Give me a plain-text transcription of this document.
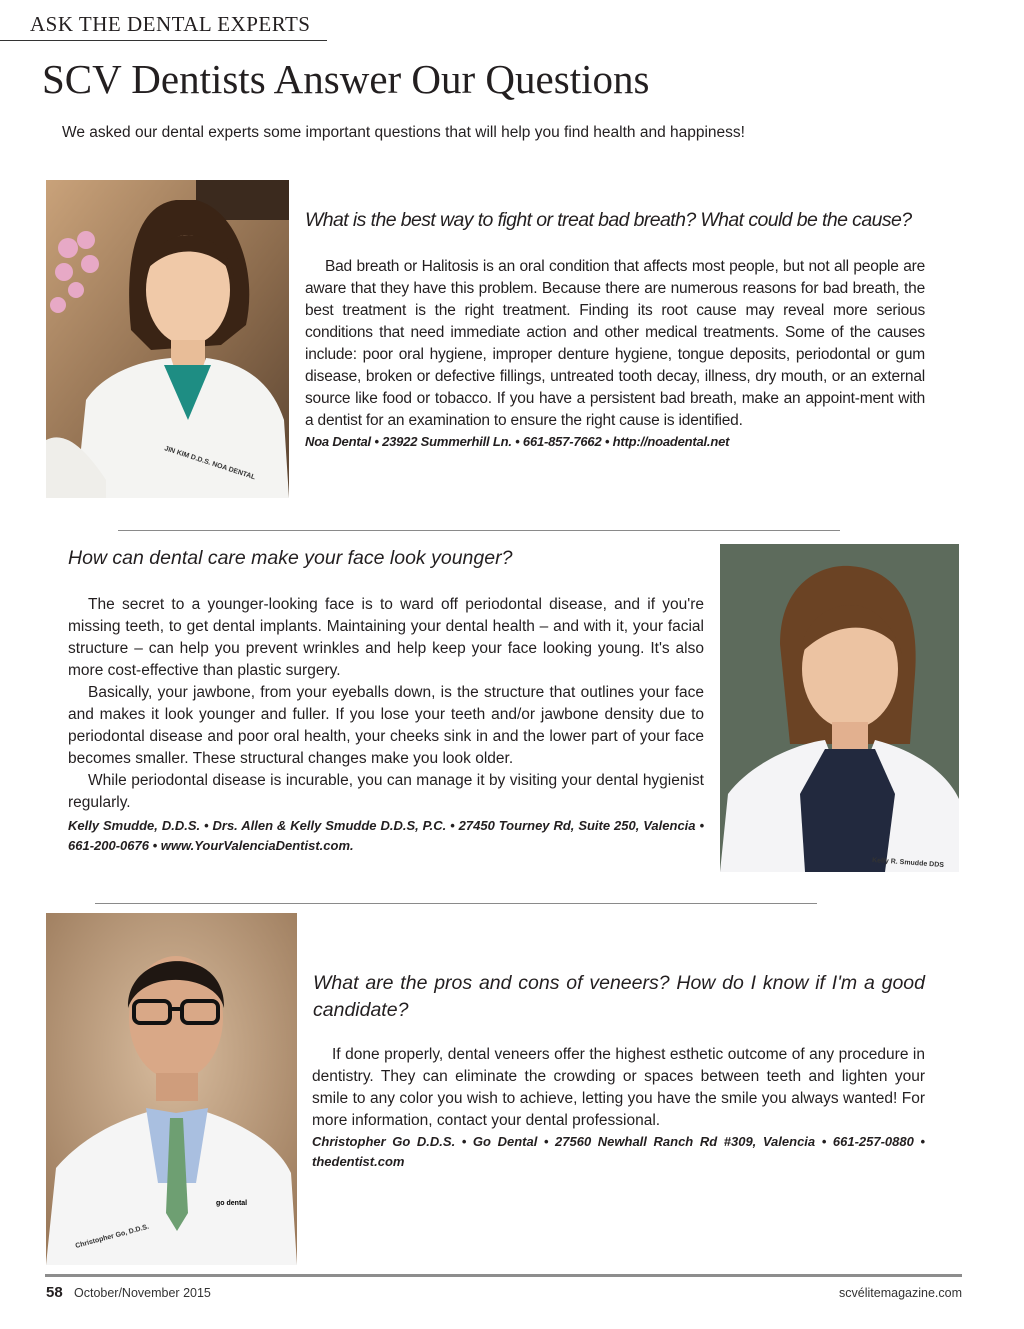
ASK THE DENTAL EXPERTS
SCV Dentists Answer Our Questions
We asked our dental experts some important questions that will help you find health and happiness!
JIN KIM D.D.S. NOA DENTAL
What is the best way to fight or treat bad breath? What could be the cause?

Bad breath or Halitosis is an oral condition that affects most people, but not all people are aware that they have this problem. Because there are numerous reasons for bad breath, the best treatment is the right treatment. Finding its root cause may reveal more serious conditions that need immediate action and other medical treatments. Some of the causes include: poor oral hygiene, improper denture hygiene, tongue deposits, periodontal or gum disease, broken or defective fillings, untreated tooth decay, illness, dry mouth, or an external source like food or tobacco. If you have a persistent bad breath, make an appoint-ment with a dentist for an examination to ensure the right cause is identified.

Noa Dental • 23922 Summerhill Ln. • 661-857-7662 • http://noadental.net

How can dental care make your face look younger?

The secret to a younger-looking face is to ward off periodontal disease, and if you're missing teeth, to get dental implants. Maintaining your dental health – and with it, your facial structure – can help you prevent wrinkles and help keep your face looking young. It's also more cost-effective than plastic surgery.

Basically, your jawbone, from your eyeballs down, is the structure that outlines your face and makes it look younger and fuller. If you lose your teeth and/or jawbone density due to periodontal disease and poor oral health, your cheeks sink in and the lower part of your face becomes smaller. These structural changes make you look older.

While periodontal disease is incurable, you can manage it by visiting your dental hygienist regularly.

Kelly Smudde, D.D.S. • Drs. Allen & Kelly Smudde D.D.S, P.C. • 27450 Tourney Rd, Suite 250, Valencia • 661-200-0676 • www.YourValenciaDentist.com.

Kelly R. Smudde DDS
go dental
Christopher Go, D.D.S.
What are the pros and cons of veneers? How do I know if I'm a good candidate?

If done properly, dental veneers offer the highest esthetic outcome of any procedure in dentistry. They can eliminate the crowding or spaces between teeth and lighten your smile to any color you wish to achieve, letting you have the smile you always wanted! For more information, contact your dental professional.

Christopher Go D.D.S. • Go Dental • 27560 Newhall Ranch Rd #309, Valencia • 661-257-0880 • thedentist.com

58 October/November 2015	scvélitemagazine.com
